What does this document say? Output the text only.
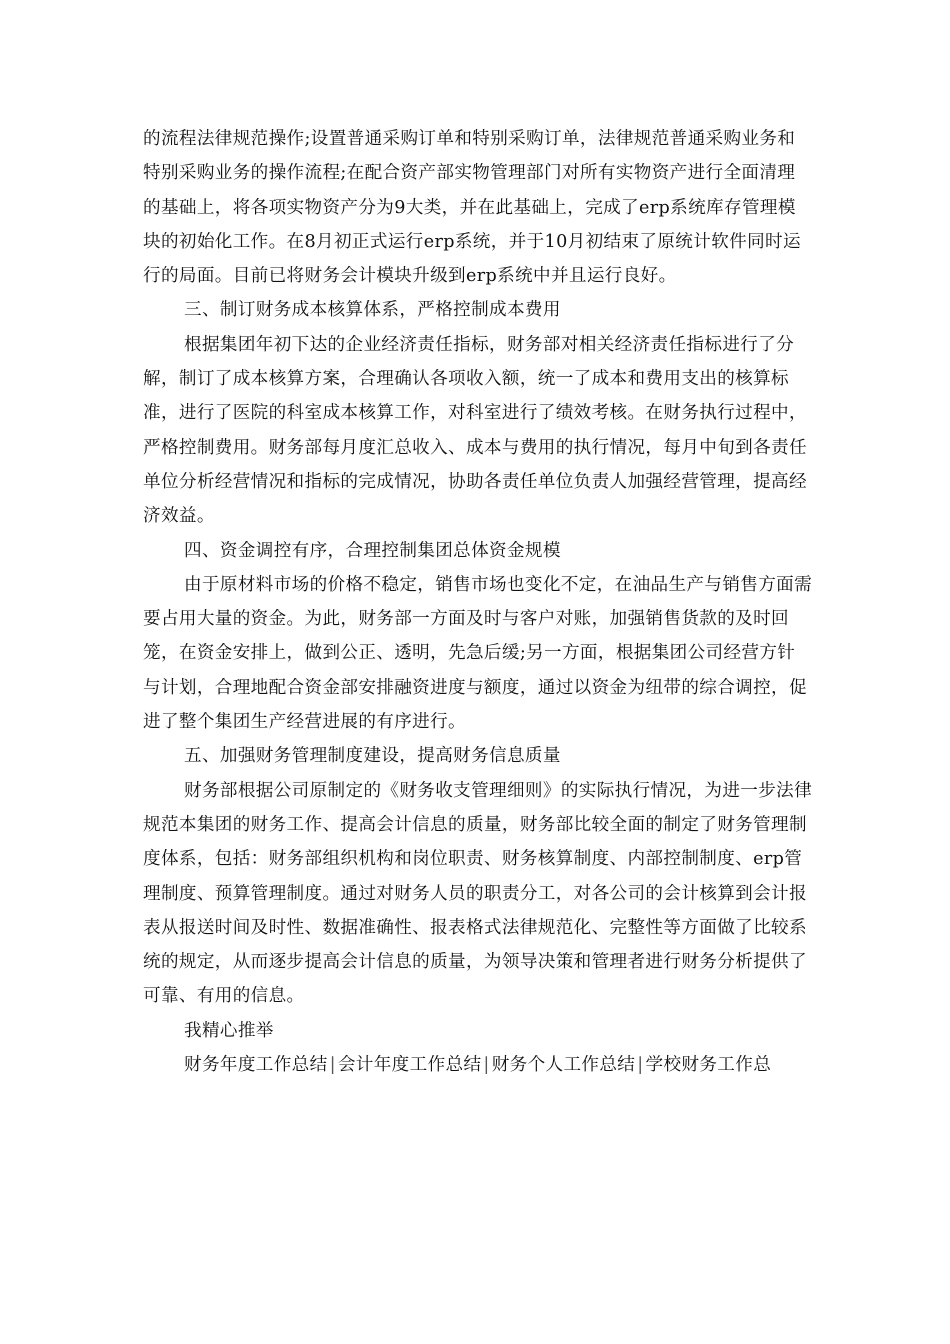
的流程法律规范操作;设置普通采购订单和特别采购订单，法律规范普通采购业务和特别采购业务的操作流程;在配合资产部实物管理部门对所有实物资产进行全面清理的基础上，将各项实物资产分为9大类，并在此基础上，完成了erp系统库存管理模块的初始化工作。在8月初正式运行erp系统，并于10月初结束了原统计软件同时运行的局面。目前已将财务会计模块升级到erp系统中并且运行良好。

三、制订财务成本核算体系，严格控制成本费用

根据集团年初下达的企业经济责任指标，财务部对相关经济责任指标进行了分解，制订了成本核算方案，合理确认各项收入额，统一了成本和费用支出的核算标准，进行了医院的科室成本核算工作，对科室进行了绩效考核。在财务执行过程中，严格控制费用。财务部每月度汇总收入、成本与费用的执行情况，每月中旬到各责任单位分析经营情况和指标的完成情况，协助各责任单位负责人加强经营管理，提高经济效益。

四、资金调控有序，合理控制集团总体资金规模

由于原材料市场的价格不稳定，销售市场也变化不定，在油品生产与销售方面需要占用大量的资金。为此，财务部一方面及时与客户对账，加强销售货款的及时回笼，在资金安排上，做到公正、透明，先急后缓;另一方面，根据集团公司经营方针与计划，合理地配合资金部安排融资进度与额度，通过以资金为纽带的综合调控，促进了整个集团生产经营进展的有序进行。

五、加强财务管理制度建设，提高财务信息质量

财务部根据公司原制定的《财务收支管理细则》的实际执行情况，为进一步法律规范本集团的财务工作、提高会计信息的质量，财务部比较全面的制定了财务管理制度体系，包括：财务部组织机构和岗位职责、财务核算制度、内部控制制度、erp管理制度、预算管理制度。通过对财务人员的职责分工，对各公司的会计核算到会计报表从报送时间及时性、数据准确性、报表格式法律规范化、完整性等方面做了比较系统的规定，从而逐步提高会计信息的质量，为领导决策和管理者进行财务分析提供了可靠、有用的信息。

我精心推举

财务年度工作总结 | 会计年度工作总结 | 财务个人工作总结 | 学校财务工作总
